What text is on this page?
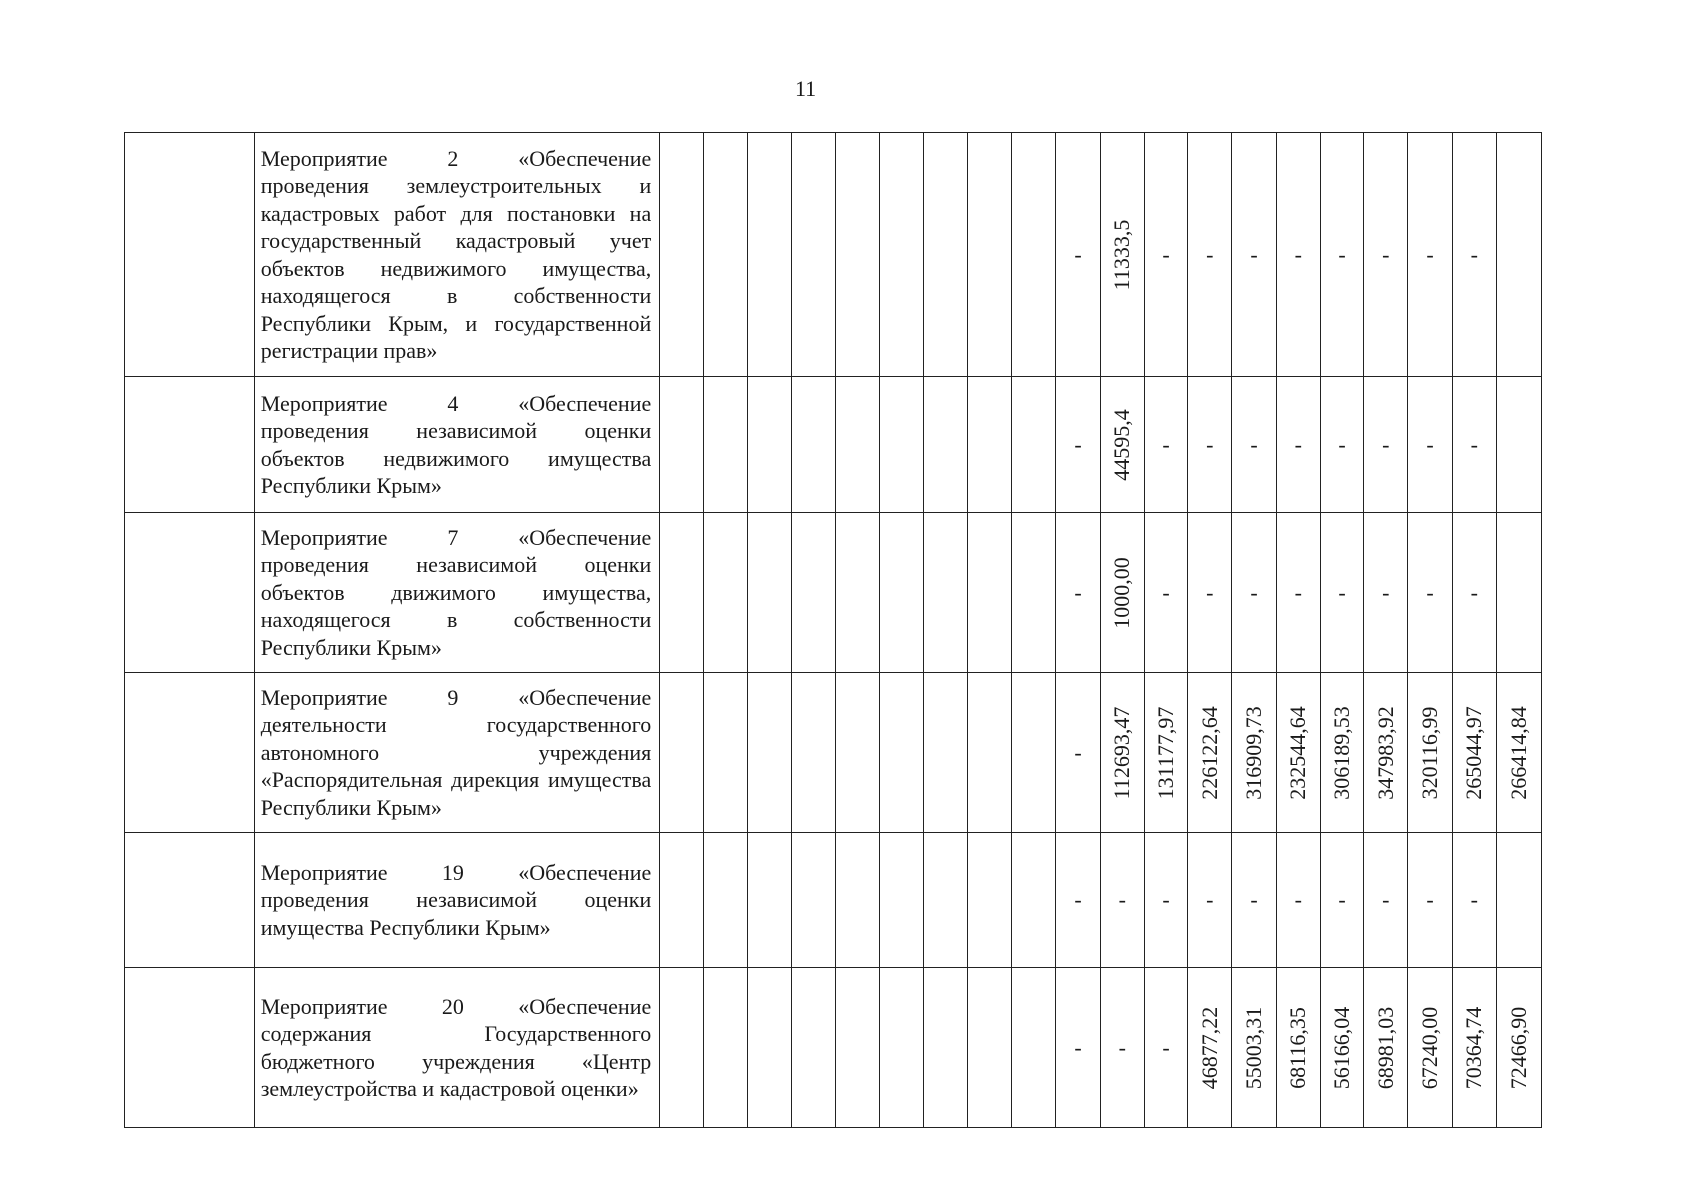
11
	Мероприятие 2 «Обеспечение проведения землеустроительных и кадастровых работ для постановки на государственный кадастровый учет объектов недвижимого имущества, находящегося в собственности Республики Крым, и государственной регистрации прав»										-	11333,5	-	-	-	-	-	-	-	-	

	Мероприятие 4 «Обеспечение проведения независимой оценки объектов недвижимого имущества Республики Крым»										-	44595,4	-	-	-	-	-	-	-	-	

	Мероприятие 7 «Обеспечение проведения независимой оценки объектов движимого имущества, находящегося в собственности Республики Крым»										-	1000,00	-	-	-	-	-	-	-	-	

	Мероприятие 9 «Обеспечение деятельности государственного автономного учреждения «Распорядительная дирекция имущества Республики Крым»										-	112693,47	131177,97	226122,64	316909,73	232544,64	306189,53	347983,92	320116,99	265044,97	266414,84

	Мероприятие 19 «Обеспечение проведения независимой оценки имущества Республики Крым»										-	-	-	-	-	-	-	-	-	-	

	Мероприятие 20 «Обеспечение содержания Государственного бюджетного учреждения «Центр землеустройства и кадастровой оценки»										-	-	-	46877,22	55003,31	68116,35	56166,04	68981,03	67240,00	70364,74	72466,90
